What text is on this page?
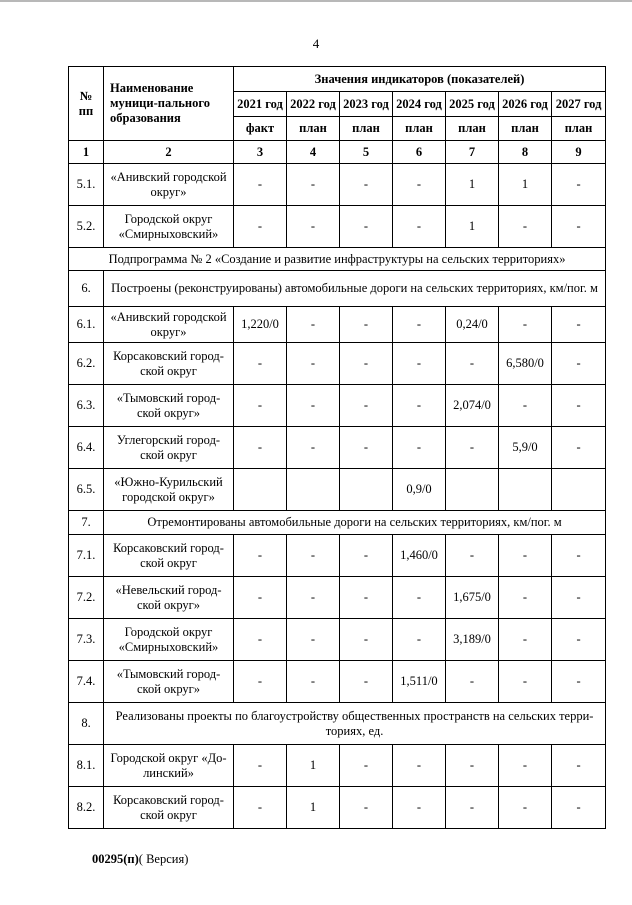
4
№ пп	Наименование муници-пального образования	Значения индикаторов (показателей)						
		2021 год	2022 год	2023 год	2024 год	2025 год	2026 год	2027 год
		факт	план	план	план	план	план	план
1	2	3	4	5	6	7	8	9
5.1.	«Анивский городской округ»	-	-	-	-	1	1	-
5.2.	Городской округ «Смирныховский»	-	-	-	-	1	-	-
Подпрограмма № 2 «Создание и развитие инфраструктуры на сельских территориях»								
6.	Построены (реконструированы) автомобильные дороги на сельских территориях, км/пог. м							
6.1.	«Анивский городской округ»	1,220/0	-	-	-	0,24/0	-	-
6.2.	Корсаковский город-ской округ	-	-	-	-	-	6,580/0	-
6.3.	«Тымовский город-ской округ»	-	-	-	-	2,074/0	-	-
6.4.	Углегорский город-ской округ	-	-	-	-	-	5,9/0	-
6.5.	«Южно-Курильский городской округ»				0,9/0			
7.	Отремонтированы автомобильные дороги на сельских территориях, км/пог. м							
7.1.	Корсаковский город-ской округ	-	-	-	1,460/0	-	-	-
7.2.	«Невельский город-ской округ»	-	-	-	-	1,675/0	-	-
7.3.	Городской округ «Смирныховский»	-	-	-	-	3,189/0	-	-
7.4.	«Тымовский город-ской округ»	-	-	-	1,511/0	-	-	-
8.	Реализованы проекты по благоустройству общественных пространств на сельских терри-ториях, ед.							
8.1.	Городской округ «До-линский»	-	1	-	-	-	-	-
8.2.	Корсаковский город-ской округ	-	1	-	-	-	-	-
00295(п)( Версия)
